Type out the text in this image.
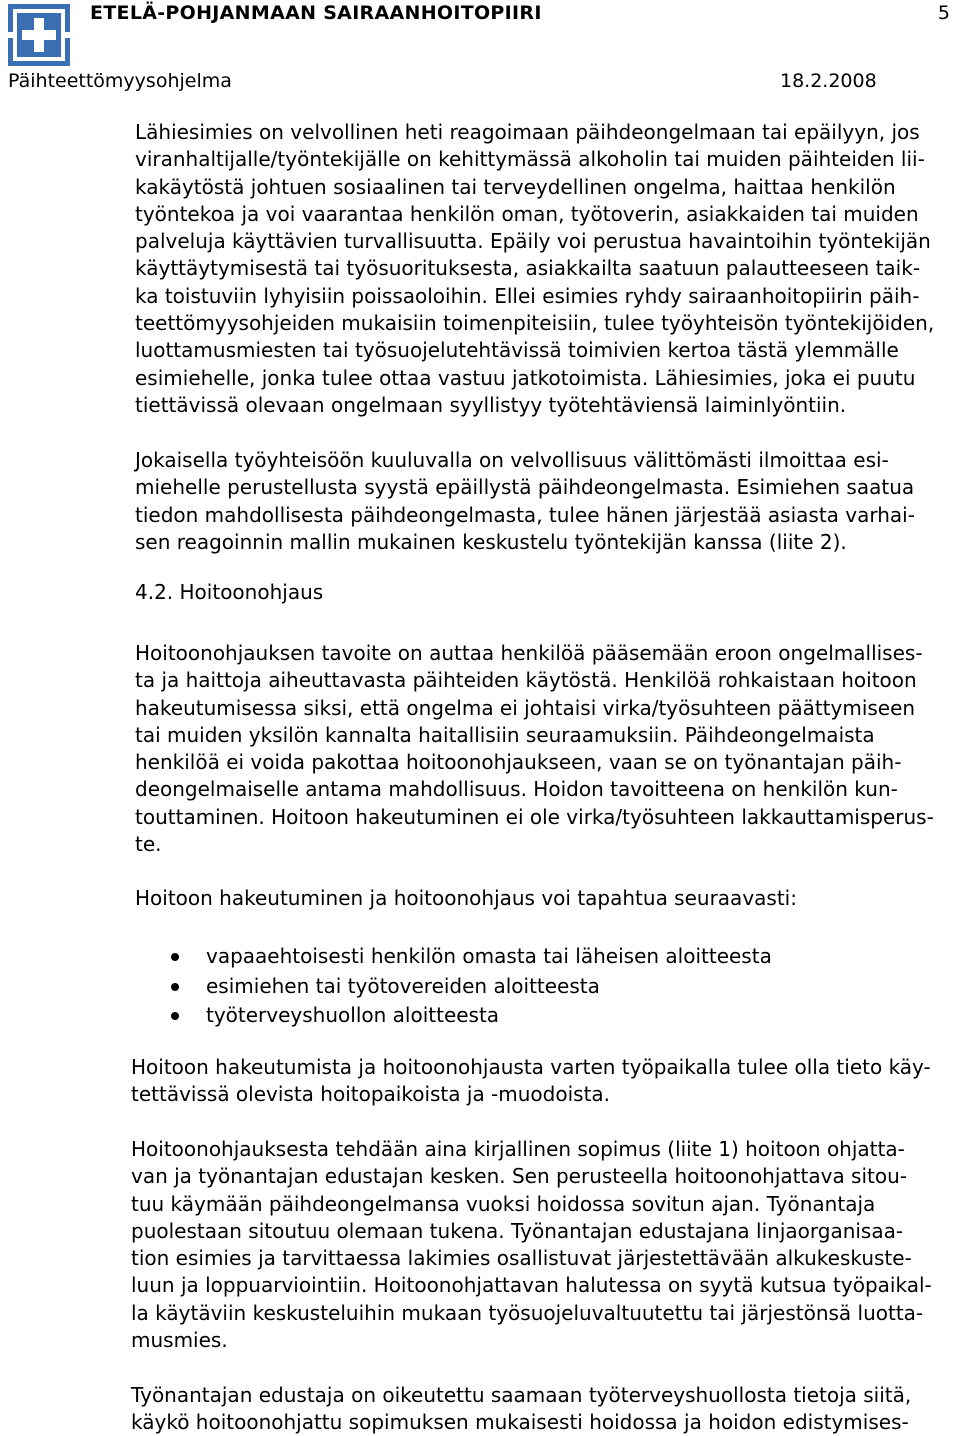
ETELÄ-POHJANMAAN SAIRAANHOITOPIIRI	5
Päihteettömyysohjelma	18.2.2008
Lähiesimies on velvollinen heti reagoimaan päihdeongelmaan tai epäilyyn, jos
viranhaltijalle/työntekijälle on kehittymässä alkoholin tai muiden päihteiden lii-
kakäytöstä johtuen sosiaalinen tai terveydellinen ongelma, haittaa henkilön
työntekoa ja voi vaarantaa henkilön oman, työtoverin, asiakkaiden tai muiden
palveluja käyttävien turvallisuutta. Epäily voi perustua havaintoihin työntekijän
käyttäytymisestä tai työsuorituksesta, asiakkailta saatuun palautteeseen taik-
ka toistuviin lyhyisiin poissaoloihin. Ellei esimies ryhdy sairaanhoitopiirin päih-
teettömyysohjeiden mukaisiin toimenpiteisiin, tulee työyhteisön työntekijöiden,
luottamusmiesten tai työsuojelutehtävissä toimivien kertoa tästä ylemmälle
esimiehelle, jonka tulee ottaa vastuu jatkotoimista. Lähiesimies, joka ei puutu
tiettävissä olevaan ongelmaan syyllistyy työtehtäviensä laiminlyöntiin.
Jokaisella työyhteisöön kuuluvalla on velvollisuus välittömästi ilmoittaa esi-
miehelle perustellusta syystä epäillystä päihdeongelmasta. Esimiehen saatua
tiedon mahdollisesta päihdeongelmasta, tulee hänen järjestää asiasta varhai-
sen reagoinnin mallin mukainen keskustelu työntekijän kanssa (liite 2).
4.2. Hoitoonohjaus
Hoitoonohjauksen tavoite on auttaa henkilöä pääsemään eroon ongelmallises-
ta ja haittoja aiheuttavasta päihteiden käytöstä. Henkilöä rohkaistaan hoitoon
hakeutumisessa siksi, että ongelma ei johtaisi virka/työsuhteen päättymiseen
tai muiden yksilön kannalta haitallisiin seuraamuksiin. Päihdeongelmaista
henkilöä ei voida pakottaa hoitoonohjaukseen, vaan se on työnantajan päih-
deongelmaiselle antama mahdollisuus. Hoidon tavoitteena on henkilön kun-
touttaminen. Hoitoon hakeutuminen ei ole virka/työsuhteen lakkauttamisperus-
te.
Hoitoon hakeutuminen ja hoitoonohjaus voi tapahtua seuraavasti:
vapaaehtoisesti henkilön omasta tai läheisen aloitteesta
esimiehen tai työtovereiden aloitteesta
työterveyshuollon aloitteesta
Hoitoon hakeutumista ja hoitoonohjausta varten työpaikalla tulee olla tieto käy-
tettävissä olevista hoitopaikoista ja -muodoista.
Hoitoonohjauksesta tehdään aina kirjallinen sopimus (liite 1) hoitoon ohjatta-
van ja työnantajan edustajan kesken. Sen perusteella hoitoonohjattava sitou-
tuu käymään päihdeongelmansa vuoksi hoidossa sovitun ajan. Työnantaja
puolestaan sitoutuu olemaan tukena. Työnantajan edustajana linjaorganisaa-
tion esimies ja tarvittaessa lakimies osallistuvat järjestettävään alkukeskuste-
luun ja loppuarviointiin. Hoitoonohjattavan halutessa on syytä kutsua työpaikal-
la käytäviin keskusteluihin mukaan työsuojeluvaltuutettu tai järjestönsä luotta-
musmies.
Työnantajan edustaja on oikeutettu saamaan työterveyshuollosta tietoja siitä,
käykö hoitoonohjattu sopimuksen mukaisesti hoidossa ja hoidon edistymises-
